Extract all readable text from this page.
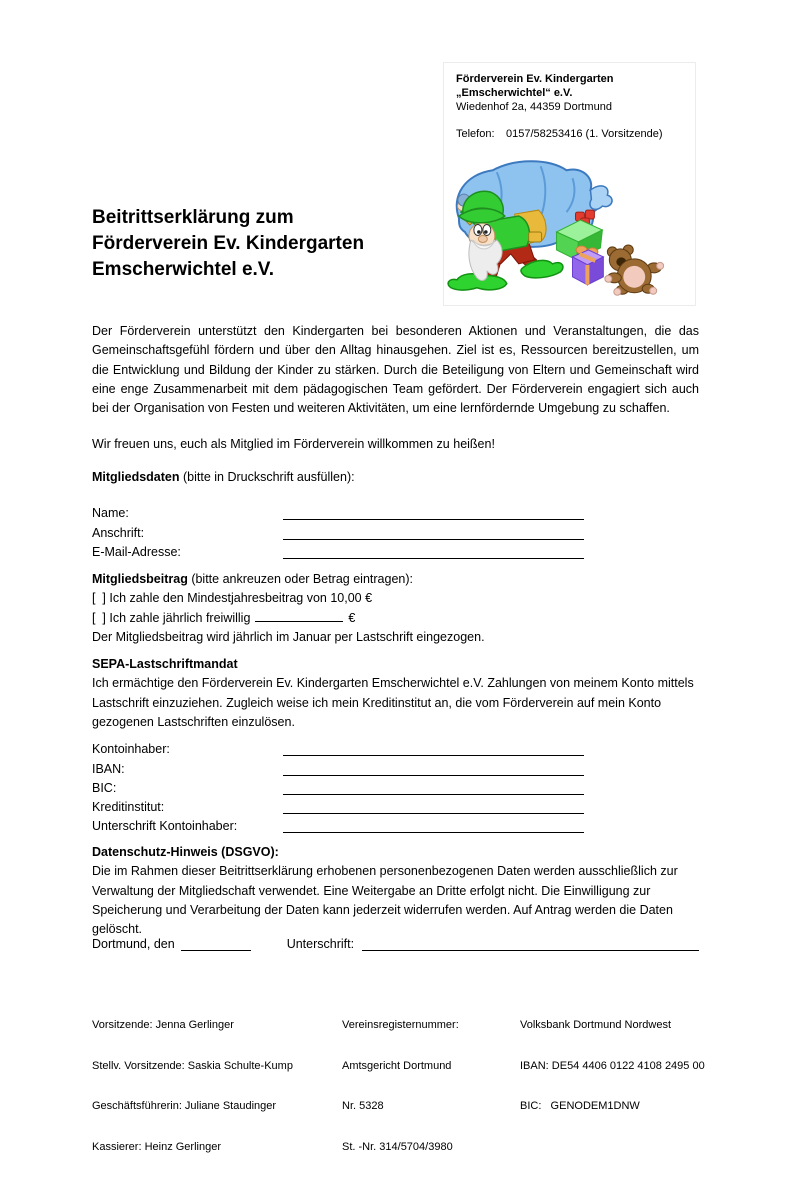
Förderverein Ev. Kindergarten
„Emscherwichtel“ e.V.
Wiedenhof 2a, 44359 Dortmund
Telefon: 0157/58253416 (1. Vorsitzende)
Beitrittserklärung zum
Förderverein Ev. Kindergarten
Emscherwichtel e.V.

Der Förderverein unterstützt den Kindergarten bei besonderen Aktionen und Veranstaltungen, die das Gemeinschaftsgefühl fördern und über den Alltag hinausgehen. Ziel ist es, Ressourcen bereitzustellen, um die Entwicklung und Bildung der Kinder zu stärken. Durch die Beteiligung von Eltern und Gemeinschaft wird eine enge Zusammenarbeit mit dem pädagogischen Team gefördert. Der Förderverein engagiert sich auch bei der Organisation von Festen und weiteren Aktivitäten, um eine lernfördernde Umgebung zu schaffen.

Wir freuen uns, euch als Mitglied im Förderverein willkommen zu heißen!

Mitgliedsdaten (bitte in Druckschrift ausfüllen):
Name:
Anschrift:
E-Mail-Adresse:
Mitgliedsbeitrag (bitte ankreuzen oder Betrag eintragen):
[  ] Ich zahle den Mindestjahresbeitrag von 10,00 €
[  ] Ich zahle jährlich freiwillig	€
Der Mitgliedsbeitrag wird jährlich im Januar per Lastschrift eingezogen.
SEPA-Lastschriftmandat
Ich ermächtige den Förderverein Ev. Kindergarten Emscherwichtel e.V. Zahlungen von meinem Konto mittels Lastschrift einzuziehen. Zugleich weise ich mein Kreditinstitut an, die vom Förderverein auf mein Konto gezogenen Lastschriften einzulösen.
Kontoinhaber:
IBAN:
BIC:
Kreditinstitut:
Unterschrift Kontoinhaber:
Datenschutz-Hinweis (DSGVO):
Die im Rahmen dieser Beitrittserklärung erhobenen personenbezogenen Daten werden ausschließlich zur Verwaltung der Mitgliedschaft verwendet. Eine Weitergabe an Dritte erfolgt nicht. Die Einwilligung zur Speicherung und Verarbeitung der Daten kann jederzeit widerrufen werden. Auf Antrag werden die Daten gelöscht.
Dortmund, den	Unterschrift:

Vorsitzende: Jenna Gerlinger

Stellv. Vorsitzende: Saskia Schulte-Kump

Geschäftsführerin: Juliane Staudinger

Kassierer: Heinz Gerlinger

Vereinsregisternummer:

Amtsgericht Dortmund

Nr. 5328

St. -Nr. 314/5704/3980

Volksbank Dortmund Nordwest

IBAN: DE54 4406 0122 4108 2495 00

BIC:   GENODEM1DNW
